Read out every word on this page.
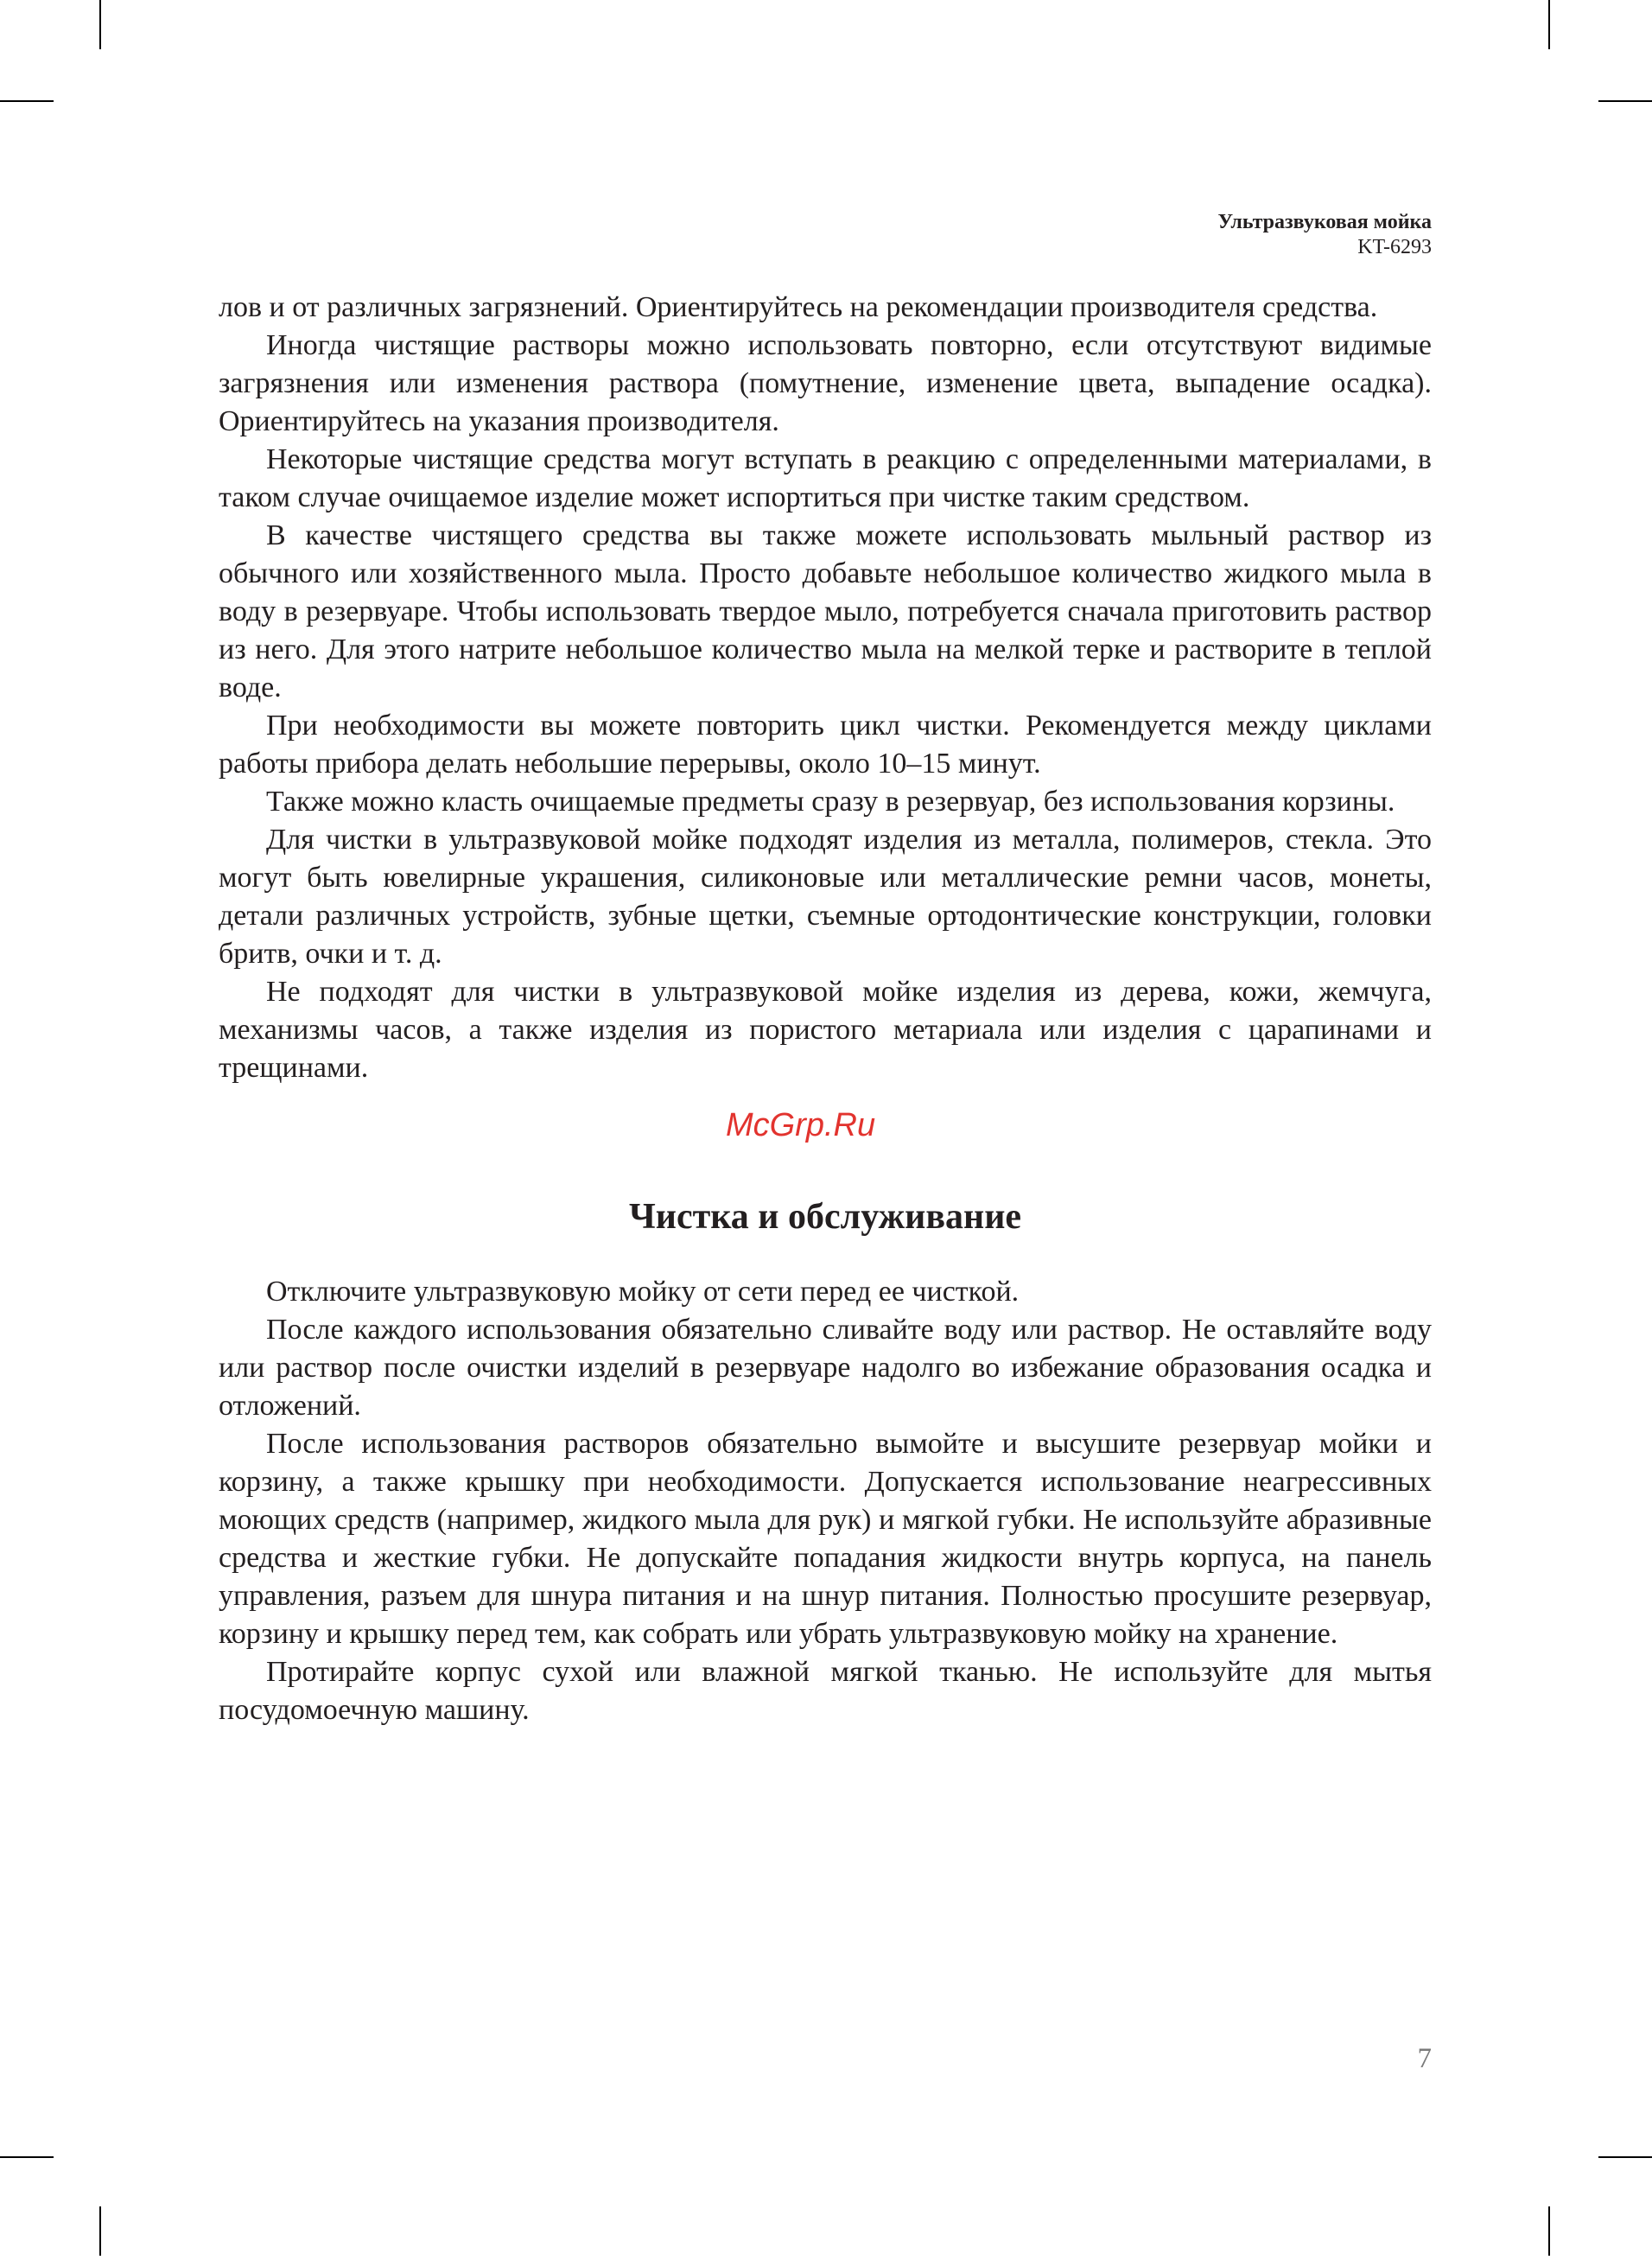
Ультразвуковая мойка
KT-6293

лов и от различных загрязнений. Ориентируйтесь на рекомендации производителя средства.

Иногда чистящие растворы можно использовать повторно, если отсутствуют видимые загрязнения или изменения раствора (помутнение, изменение цвета, выпадение осадка). Ориентируйтесь на указания производителя.

Некоторые чистящие средства могут вступать в реакцию с определенными материалами, в таком случае очищаемое изделие может испортиться при чистке таким средством.

В качестве чистящего средства вы также можете использовать мыльный раствор из обычного или хозяйственного мыла. Просто добавьте небольшое количество жидкого мыла в воду в резервуаре. Чтобы использовать твердое мыло, потребуется сначала приготовить раствор из него. Для этого натрите небольшое количество мыла на мелкой терке и растворите в теплой воде.

При необходимости вы можете повторить цикл чистки. Рекомендуется между циклами работы прибора делать небольшие перерывы, около 10–15 минут.

Также можно класть очищаемые предметы сразу в резервуар, без использования корзины.

Для чистки в ультразвуковой мойке подходят изделия из металла, полимеров, стекла. Это могут быть ювелирные украшения, силиконовые или металлические ремни часов, монеты, детали различных устройств, зубные щетки, съемные ортодонтические конструкции, головки бритв, очки и т. д.

Не подходят для чистки в ультразвуковой мойке изделия из дерева, кожи, жемчуга, механизмы часов, а также изделия из пористого метариала или изделия с царапинами и трещинами.

Чистка и обслуживание

Отключите ультразвуковую мойку от сети перед ее чисткой.

После каждого использования обязательно сливайте воду или раствор. Не оставляйте воду или раствор после очистки изделий в резервуаре надолго во избежание образования осадка и отложений.

После использования растворов обязательно вымойте и высушите резервуар мойки и корзину, а также крышку при необходимости. Допускается использование неагрессивных моющих средств (например, жидкого мыла для рук) и мягкой губки. Не используйте абразивные средства и жесткие губки. Не допускайте попадания жидкости внутрь корпуса, на панель управления, разъем для шнура питания и на шнур питания. Полностью просушите резервуар, корзину и крышку перед тем, как собрать или убрать ультразвуковую мойку на хранение.

Протирайте корпус сухой или влажной мягкой тканью. Не используйте для мытья посудомоечную машину.

McGrp.Ru
7
